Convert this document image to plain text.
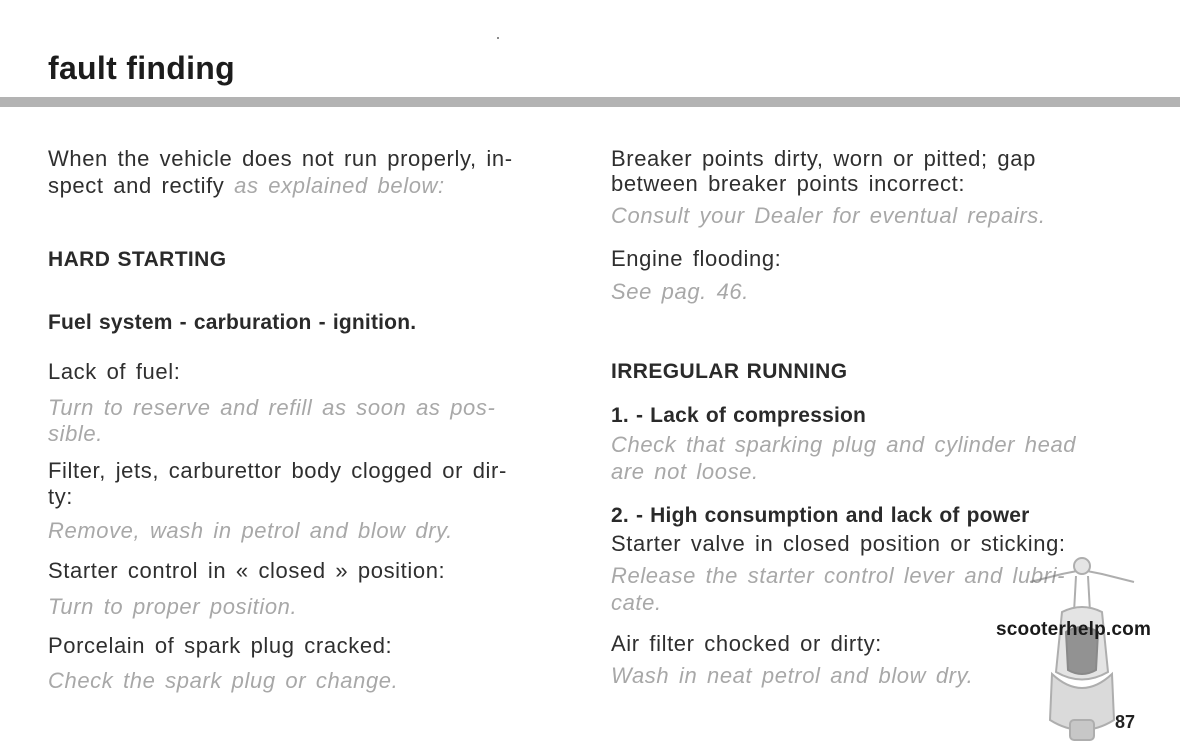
fault finding
When the vehicle does not run properly, in-
spect and rectify as explained below:
HARD STARTING
Fuel system - carburation - ignition.
Lack of fuel:
Turn to reserve and refill as soon as pos-
sible.
Filter, jets, carburettor body clogged or dir-
ty:
Remove, wash in petrol and blow dry.
Starter control in « closed » position:
Turn to proper position.
Porcelain of spark plug cracked:
Check the spark plug or change.
Breaker points dirty, worn or pitted; gap
between breaker points incorrect:
Consult your Dealer for eventual repairs.
Engine flooding:
See pag. 46.
IRREGULAR RUNNING
1. - Lack of compression
Check that sparking plug and cylinder head
are not loose.
2. - High consumption and lack of power
Starter valve in closed position or sticking:
Release the starter control lever and lubri-
cate.
Air filter chocked or dirty:
Wash in neat petrol and blow dry.
scooterhelp.com
87
